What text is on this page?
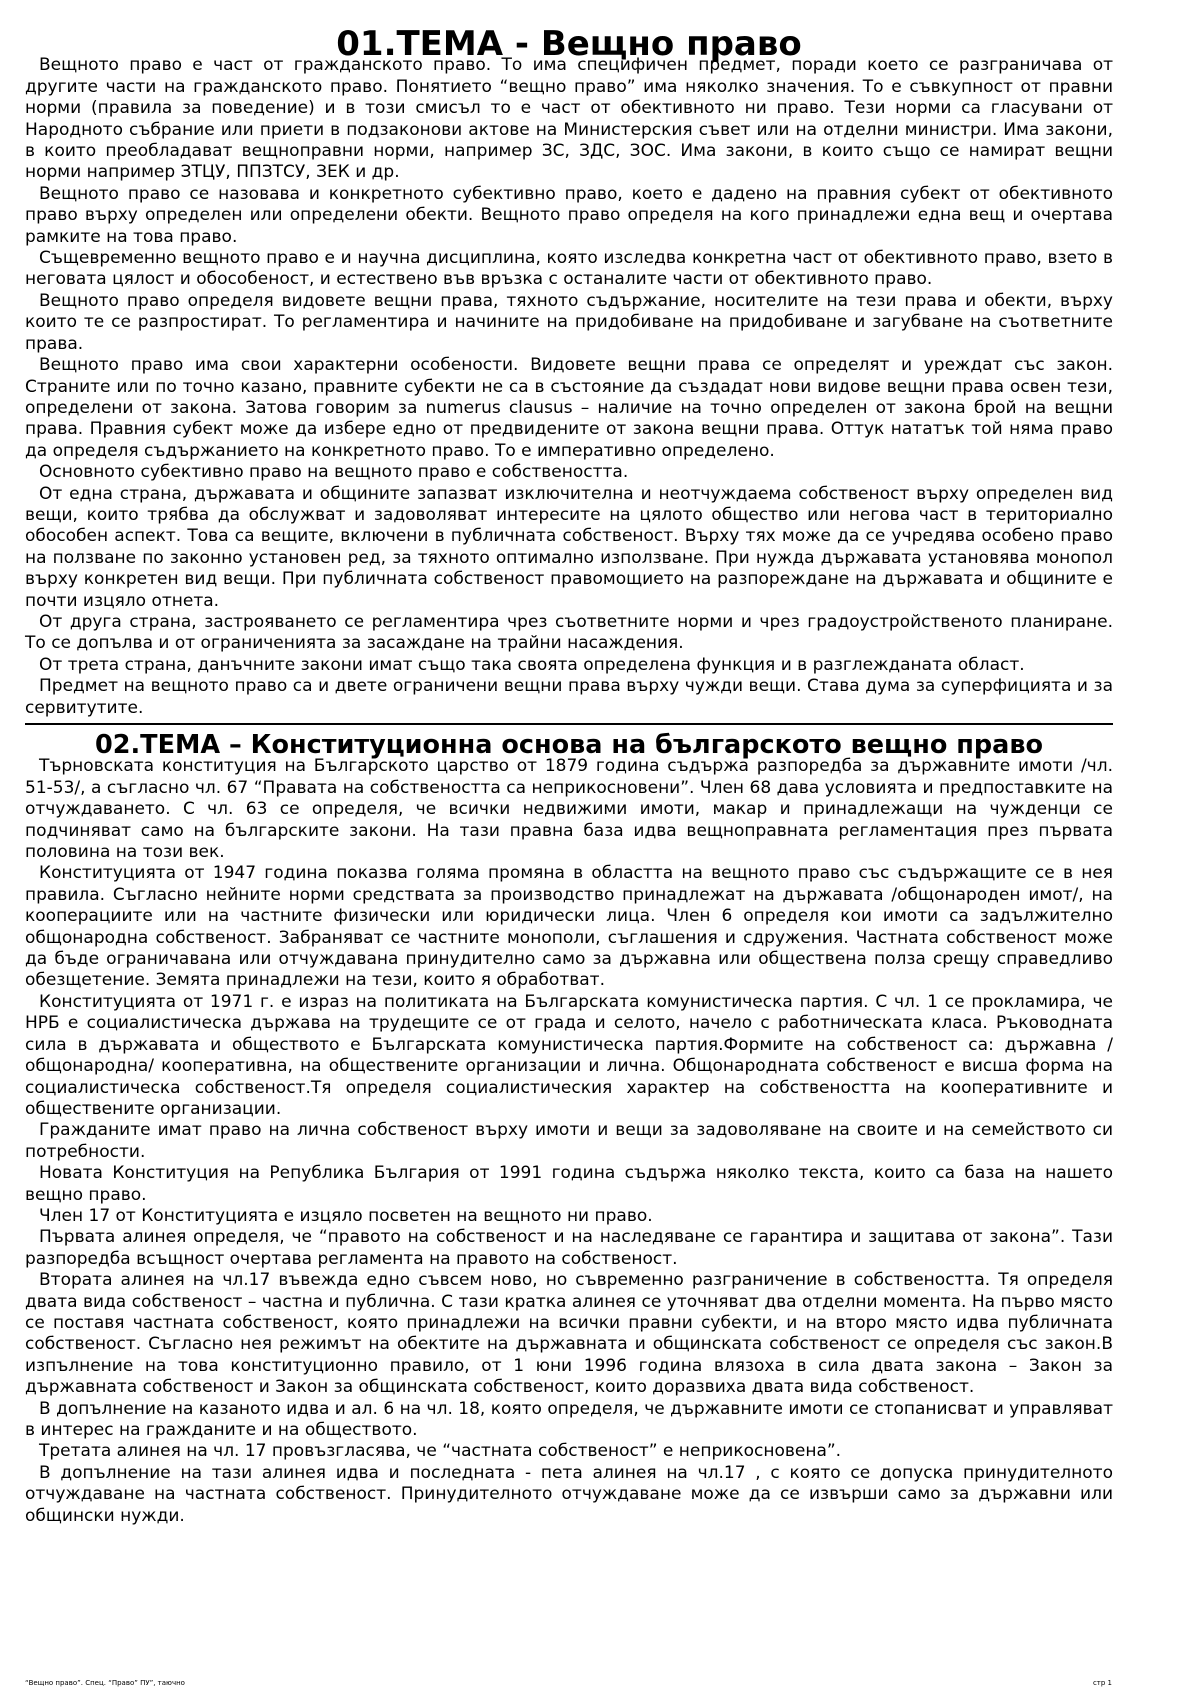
01.ТЕМА - Вещно право

Вещното право е част от гражданското право. То има специфичен предмет, поради което се разграничава от другите части на гражданското право. Понятието “вещно право” има няколко значения. То е съвкупност от правни норми (правила за поведение) и в този смисъл то е част от обективното ни право. Тези норми са гласувани от Народното събрание или приети в подзаконови актове на Министерския съвет или на отделни министри. Има закони, в които преобладават вещноправни норми, например ЗС, ЗДС, ЗОС. Има закони, в които също се намират вещни норми например ЗТЦУ, ППЗТСУ, ЗЕК и др.

Вещното право се назовава и конкретното субективно право, което е дадено на правния субект от обективното право върху определен или определени обекти. Вещното право определя на кого принадлежи една вещ и очертава рамките на това право.

Същевременно вещното право е и научна дисциплина, която изследва конкретна част от обективното право, взето в неговата цялост и обособеност, и естествено във връзка с останалите части от обективното право.

Вещното право определя видовете вещни права, тяхното съдържание, носителите на тези права и обекти, върху които те се разпростират. То регламентира и начините на придобиване на придобиване и загубване на съответните права.

Вещното право има свои характерни особености. Видовете вещни права се определят и уреждат със закон. Страните или по точно казано, правните субекти не са в състояние да създадат нови видове вещни права освен тези, определени от закона. Затова говорим за numerus clausus – наличие на точно определен от закона брой на вещни права. Правния субект може да избере едно от предвидените от закона вещни права. Оттук нататък той няма право да определя съдържанието на конкретното право. То е императивно определено.

Основното субективно право на вещното право е собствеността.

От една страна, държавата и общините запазват изключителна и неотчуждаема собственост върху определен вид вещи, които трябва да обслужват и задоволяват интересите на цялото общество или негова част в териториално обособен аспект. Това са вещите, включени в публичната собственост. Върху тях може да се учредява особено право на ползване по законно установен ред, за тяхното оптимално използване. При нужда държавата установява монопол върху конкретен вид вещи. При публичната собственост правомощието на разпореждане на държавата и общините е почти изцяло отнета.

От друга страна, застрояването се регламентира чрез съответните норми и чрез градоустройственото планиране. То се допълва и от ограниченията за засаждане на трайни насаждения.

От трета страна, данъчните закони имат също така своята определена функция и в разглежданата област.

Предмет на вещното право са и двете ограничени вещни права върху чужди вещи. Става дума за суперфицията и за сервитутите.

02.ТЕМА – Конституционна основа на българското вещно право

Търновската конституция на Българското царство от 1879 година съдържа разпоредба за държавните имоти /чл. 51-53/, а съгласно чл. 67 “Правата на собствеността са неприкосновени”. Член 68 дава условията и предпоставките на отчуждаването. С чл. 63 се определя, че всички недвижими имоти, макар и принадлежащи на чужденци се подчиняват само на българските закони. На тази правна база идва вещноправната регламентация през първата половина на този век.

Конституцията от 1947 година показва голяма промяна в областта на вещното право със съдържащите се в нея правила. Съгласно нейните норми средствата за производство принадлежат на държавата /общонароден имот/, на кооперациите или на частните физически или юридически лица. Член 6 определя кои имоти са задължително общонародна собственост. Забраняват се частните монополи, съглашения и сдружения. Частната собственост може да бъде ограничавана или отчуждавана принудително само за държавна или обществена полза срещу справедливо обезщетение. Земята принадлежи на тези, които я обработват.

Конституцията от 1971 г. е израз на политиката на Българската комунистическа партия. С чл. 1 се прокламира, че НРБ е социалистическа държава на трудещите се от града и селото, начело с работническата класа. Ръководната сила в държавата и обществото е Българската комунистическа партия.Формите на собственост са: държавна /общонародна/ кооперативна, на обществените организации и лична. Общонародната собственост е висша форма на социалистическа собственост.Тя определя социалистическия характер на собствеността на кооперативните и обществените организации.

Гражданите имат право на лична собственост върху имоти и вещи за задоволяване на своите и на семейството си потребности.

Новата Конституция на Република България от 1991 година съдържа няколко текста, които са база на нашето вещно право.

Член 17 от Конституцията е изцяло посветен на вещното ни право.

Първата алинея определя, че “правото на собственост и на наследяване се гарантира и защитава от закона”. Тази разпоредба всъщност очертава регламента на правото на собственост.

Втората алинея на чл.17 въвежда едно съвсем ново, но съвременно разграничение в собствеността. Тя определя двата вида собственост – частна и публична. С тази кратка алинея се уточняват два отделни момента. На първо място се поставя частната собственост, която принадлежи на всички правни субекти, и на второ място идва публичната собственост. Съгласно нея режимът на обектите на държавната и общинската собственост се определя със закон.В изпълнение на това конституционно правило, от 1 юни 1996 година влязоха в сила двата закона – Закон за държавната собственост и Закон за общинската собственост, които доразвиха двата вида собственост.

В допълнение на казаното идва и ал. 6 на чл. 18, която определя, че държавните имоти се стопанисват и управляват в интерес на гражданите и на обществото.

Третата алинея на чл. 17 провъзгласява, че “частната собственост” е неприкосновена”.

В допълнение на тази алинея идва и последната - пета алинея на чл.17 , с която се допуска принудителното отчуждаване на частната собственост. Принудителното отчуждаване може да се извърши само за държавни или общински нужди.

“Вещно право”. Спец. “Право” ПУ”, таючно	стр 1
